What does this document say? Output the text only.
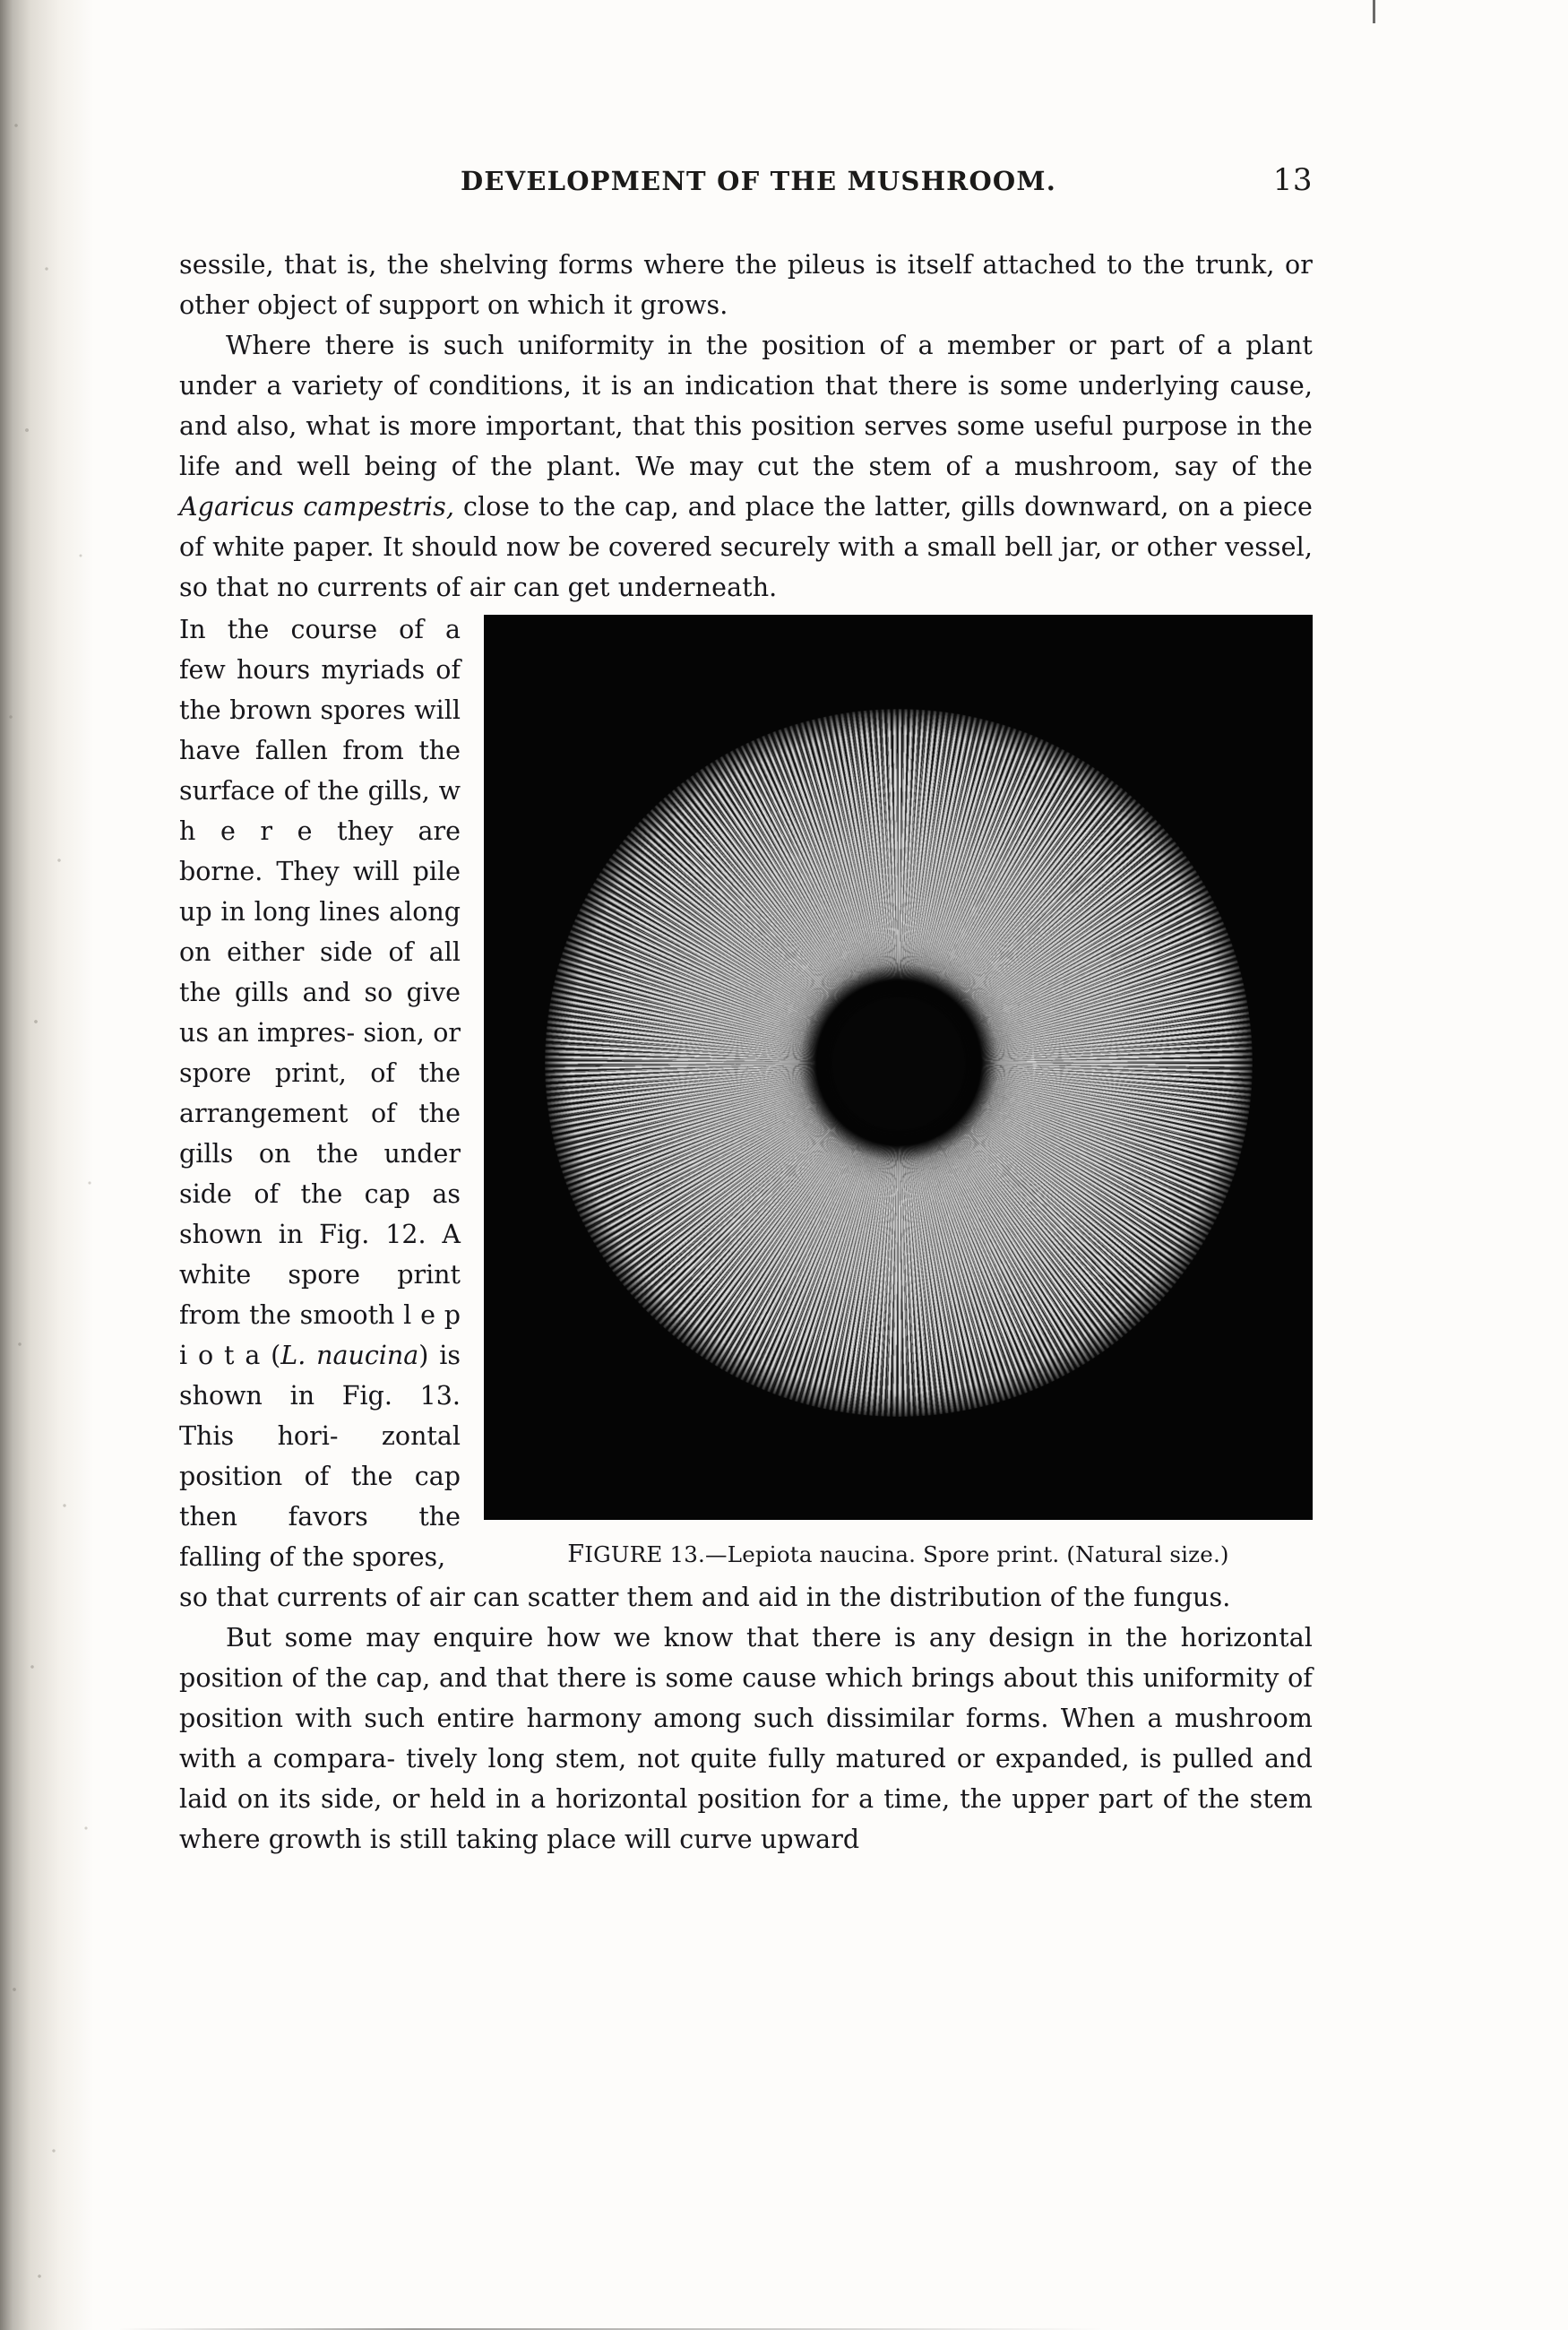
DEVELOPMENT OF THE MUSHROOM.	13

sessile, that is, the shelving forms where the pileus is itself attached to the trunk, or other object of support on which it grows.

Where there is such uniformity in the position of a member or part of a plant under a variety of conditions, it is an indication that there is some underlying cause, and also, what is more important, that this position serves some useful purpose in the life and well being of the plant. We may cut the stem of a mushroom, say of the Agaricus campestris, close to the cap, and place the latter, gills downward, on a piece of white paper. It should now be covered securely with a small bell jar, or other vessel, so that no currents of air can get underneath.

FIGURE 13.—Lepiota naucina. Spore print. (Natural size.)

In the course of a few hours myriads of the brown spores will have fallen from the surface of the gills, w h e r e they are borne. They will pile up in long lines along on either side of all the gills and so give us an impres- sion, or spore print, of the arrangement of the gills on the under side of the cap as shown in Fig. 12. A white spore print from the smooth l e p i o t a (L. naucina) is shown in Fig. 13. This hori- zontal position of the cap then favors the falling of the spores,

so that currents of air can scatter them and aid in the distribution of the fungus.

But some may enquire how we know that there is any design in the horizontal position of the cap, and that there is some cause which brings about this uniformity of position with such entire harmony among such dissimilar forms. When a mushroom with a compara- tively long stem, not quite fully matured or expanded, is pulled and laid on its side, or held in a horizontal position for a time, the upper part of the stem where growth is still taking place will curve upward
